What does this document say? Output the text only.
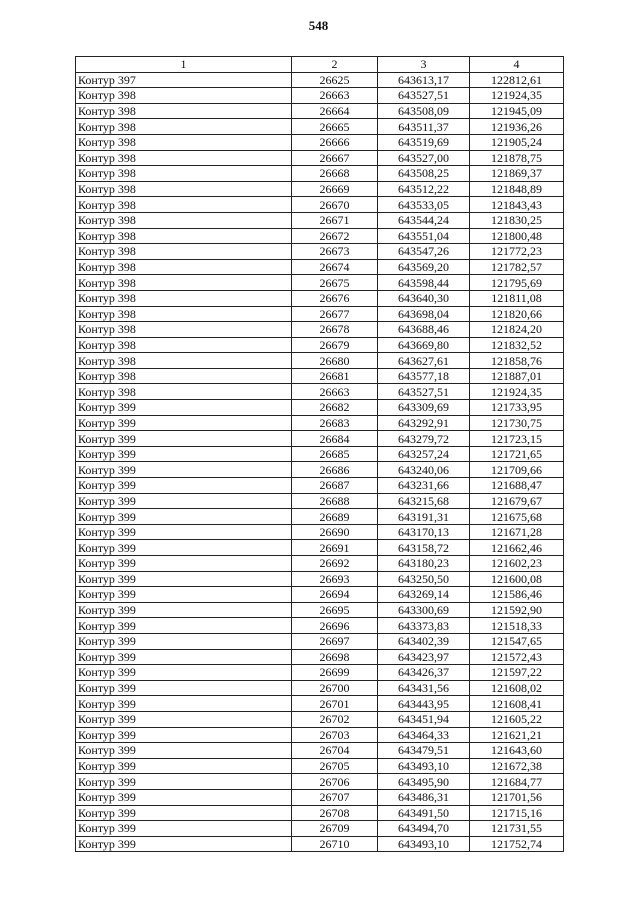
548
1	2	3	4
Контур 397	26625	643613,17	122812,61
Контур 398	26663	643527,51	121924,35
Контур 398	26664	643508,09	121945,09
Контур 398	26665	643511,37	121936,26
Контур 398	26666	643519,69	121905,24
Контур 398	26667	643527,00	121878,75
Контур 398	26668	643508,25	121869,37
Контур 398	26669	643512,22	121848,89
Контур 398	26670	643533,05	121843,43
Контур 398	26671	643544,24	121830,25
Контур 398	26672	643551,04	121800,48
Контур 398	26673	643547,26	121772,23
Контур 398	26674	643569,20	121782,57
Контур 398	26675	643598,44	121795,69
Контур 398	26676	643640,30	121811,08
Контур 398	26677	643698,04	121820,66
Контур 398	26678	643688,46	121824,20
Контур 398	26679	643669,80	121832,52
Контур 398	26680	643627,61	121858,76
Контур 398	26681	643577,18	121887,01
Контур 398	26663	643527,51	121924,35
Контур 399	26682	643309,69	121733,95
Контур 399	26683	643292,91	121730,75
Контур 399	26684	643279,72	121723,15
Контур 399	26685	643257,24	121721,65
Контур 399	26686	643240,06	121709,66
Контур 399	26687	643231,66	121688,47
Контур 399	26688	643215,68	121679,67
Контур 399	26689	643191,31	121675,68
Контур 399	26690	643170,13	121671,28
Контур 399	26691	643158,72	121662,46
Контур 399	26692	643180,23	121602,23
Контур 399	26693	643250,50	121600,08
Контур 399	26694	643269,14	121586,46
Контур 399	26695	643300,69	121592,90
Контур 399	26696	643373,83	121518,33
Контур 399	26697	643402,39	121547,65
Контур 399	26698	643423,97	121572,43
Контур 399	26699	643426,37	121597,22
Контур 399	26700	643431,56	121608,02
Контур 399	26701	643443,95	121608,41
Контур 399	26702	643451,94	121605,22
Контур 399	26703	643464,33	121621,21
Контур 399	26704	643479,51	121643,60
Контур 399	26705	643493,10	121672,38
Контур 399	26706	643495,90	121684,77
Контур 399	26707	643486,31	121701,56
Контур 399	26708	643491,50	121715,16
Контур 399	26709	643494,70	121731,55
Контур 399	26710	643493,10	121752,74
